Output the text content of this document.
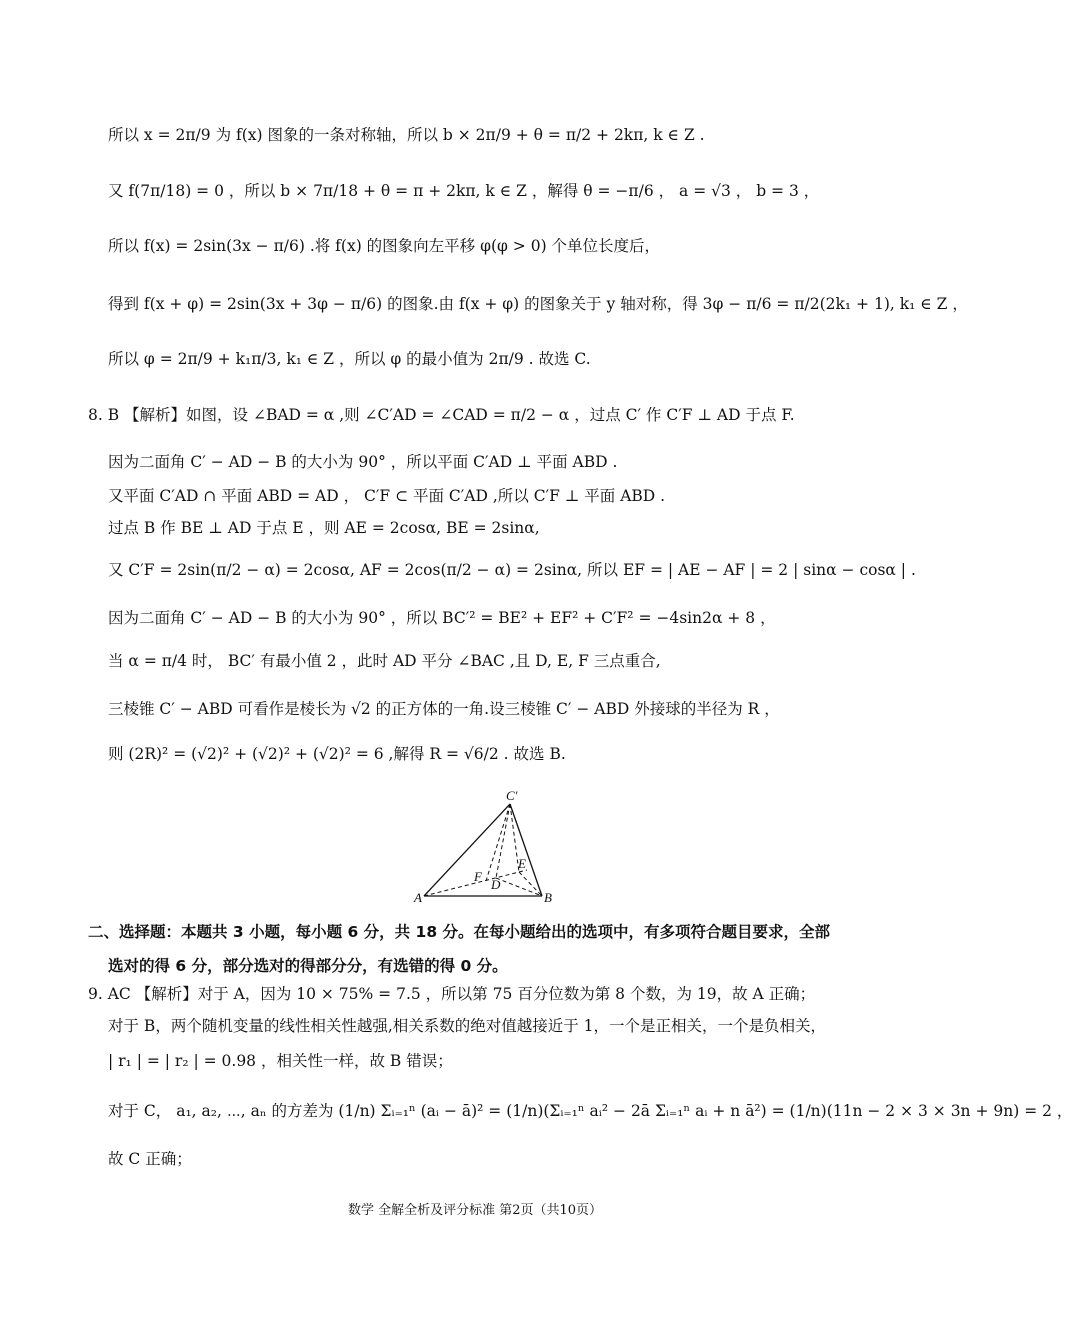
所以 x = 2π/9 为 f(x) 图象的一条对称轴，所以 b × 2π/9 + θ = π/2 + 2kπ, k ∈ Z .
又 f(7π/18) = 0 ，所以 b × 7π/18 + θ = π + 2kπ, k ∈ Z ，解得 θ = −π/6 ， a = √3 ， b = 3 ，
所以 f(x) = 2sin(3x − π/6) .将 f(x) 的图象向左平移 φ(φ > 0) 个单位长度后，
得到 f(x + φ) = 2sin(3x + 3φ − π/6) 的图象.由 f(x + φ) 的图象关于 y 轴对称，得 3φ − π/6 = π/2(2k₁ + 1), k₁ ∈ Z ，
所以 φ = 2π/9 + k₁π/3, k₁ ∈ Z ，所以 φ 的最小值为 2π/9 . 故选 C.
8. B 【解析】如图，设 ∠BAD = α ,则 ∠C′AD = ∠CAD = π/2 − α ，过点 C′ 作 C′F ⊥ AD 于点 F.
因为二面角 C′ − AD − B 的大小为 90° ，所以平面 C′AD ⊥ 平面 ABD .
又平面 C′AD ∩ 平面 ABD = AD ， C′F ⊂ 平面 C′AD ,所以 C′F ⊥ 平面 ABD .
过点 B 作 BE ⊥ AD 于点 E ，则 AE = 2cosα, BE = 2sinα,
又 C′F = 2sin(π/2 − α) = 2cosα, AF = 2cos(π/2 − α) = 2sinα, 所以 EF = | AE − AF | = 2 | sinα − cosα | .
因为二面角 C′ − AD − B 的大小为 90° ，所以 BC′² = BE² + EF² + C′F² = −4sin2α + 8 ，
当 α = π/4 时， BC′ 有最小值 2 ，此时 AD 平分 ∠BAC ,且 D, E, F 三点重合,
三棱锥 C′ − ABD 可看作是棱长为 √2 的正方体的一角.设三棱锥 C′ − ABD 外接球的半径为 R ，
则 (2R)² = (√2)² + (√2)² + (√2)² = 6 ,解得 R = √6/2 . 故选 B.
C′
A	B
D
E
F
二、选择题：本题共 3 小题，每小题 6 分，共 18 分。在每小题给出的选项中，有多项符合题目要求，全部
选对的得 6 分，部分选对的得部分分，有选错的得 0 分。
9. AC 【解析】对于 A，因为 10 × 75% = 7.5 ，所以第 75 百分位数为第 8 个数，为 19，故 A 正确；
对于 B，两个随机变量的线性相关性越强,相关系数的绝对值越接近于 1，一个是正相关，一个是负相关，
| r₁ | = | r₂ | = 0.98 ，相关性一样，故 B 错误；
对于 C， a₁, a₂, ⋯, aₙ 的方差为 (1/n) Σᵢ₌₁ⁿ (aᵢ − ā)² = (1/n)(Σᵢ₌₁ⁿ aᵢ² − 2ā Σᵢ₌₁ⁿ aᵢ + n ā²) = (1/n)(11n − 2 × 3 × 3n + 9n) = 2 ，
故 C 正确；
数学 全解全析及评分标准 第2页（共10页）
